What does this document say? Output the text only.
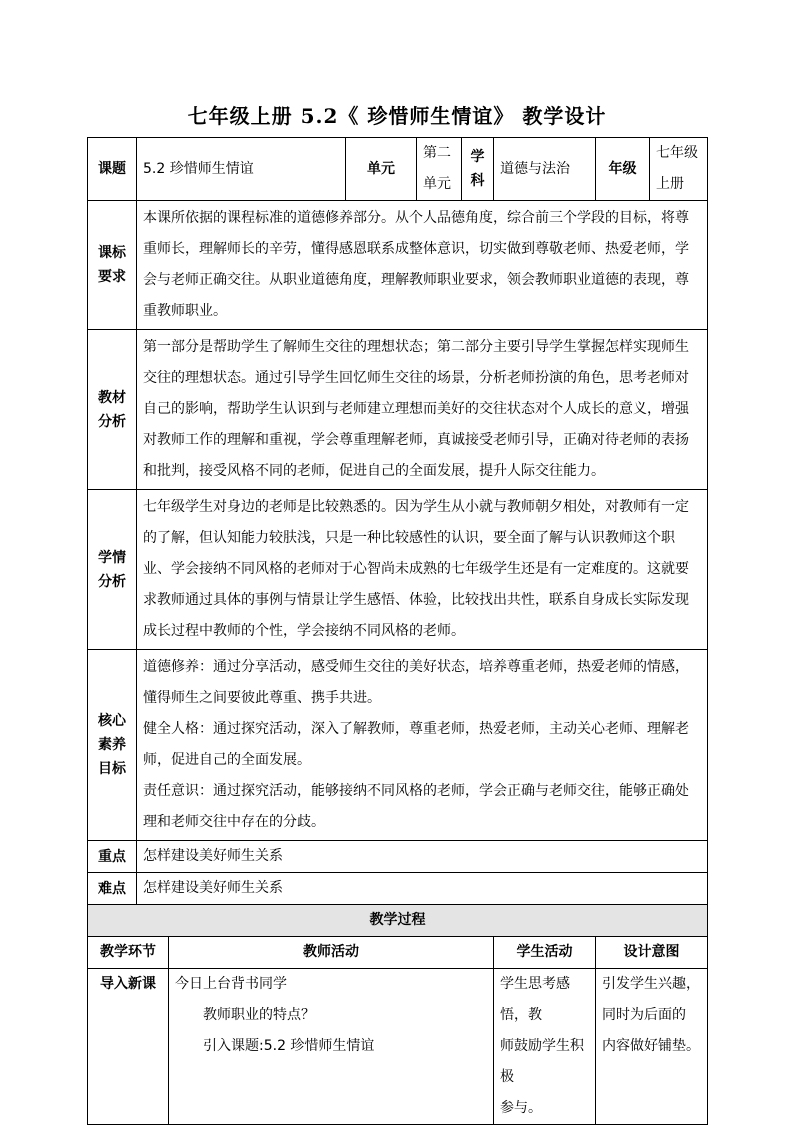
七年级上册 5.2《 珍惜师生情谊》 教学设计
课题	5.2 珍惜师生情谊		单元	第二单元	学科	道德与法治	年级	七年级上册

课标
要求	本课所依据的课程标准的道德修养部分。从个人品德角度，综合前三个学段的目标，将尊重师长，理解师长的辛劳，懂得感恩联系成整体意识，切实做到尊敬老师、热爱老师，学会与老师正确交往。从职业道德角度，理解教师职业要求，领会教师职业道德的表现，尊重教师职业。							

教材
分析	第一部分是帮助学生了解师生交往的理想状态；第二部分主要引导学生掌握怎样实现师生交往的理想状态。通过引导学生回忆师生交往的场景，分析老师扮演的角色，思考老师对自己的影响，帮助学生认识到与老师建立理想而美好的交往状态对个人成长的意义，增强对教师工作的理解和重视，学会尊重理解老师，真诚接受老师引导，正确对待老师的表扬和批判，接受风格不同的老师，促进自己的全面发展，提升人际交往能力。							

学情
分析	七年级学生对身边的老师是比较熟悉的。因为学生从小就与教师朝夕相处，对教师有一定的了解，但认知能力较肤浅，只是一种比较感性的认识，要全面了解与认识教师这个职业、学会接纳不同风格的老师对于心智尚未成熟的七年级学生还是有一定难度的。这就要求教师通过具体的事例与情景让学生感悟、体验，比较找出共性，联系自身成长实际发现成长过程中教师的个性，学会接纳不同风格的老师。							

核心
素养
目标	道德修养：通过分享活动，感受师生交往的美好状态，培养尊重老师，热爱老师的情感，懂得师生之间要彼此尊重、携手共进。
健全人格：通过探究活动，深入了解教师，尊重老师，热爱老师，主动关心老师、理解老师，促进自己的全面发展。
责任意识：通过探究活动，能够接纳不同风格的老师，学会正确与老师交往，能够正确处理和老师交往中存在的分歧。							

重点	怎样建设美好师生关系							
难点	怎样建设美好师生关系							
教学过程								
教学环节		教师活动				学生活动	设计意图	
导入新课		今日上台背书同学
教师职业的特点？
引入课题:5.2 珍惜师生情谊				学生思考感悟，教
师鼓励学生积极
参与。	引发学生兴趣，
同时为后面的
内容做好铺垫。	
